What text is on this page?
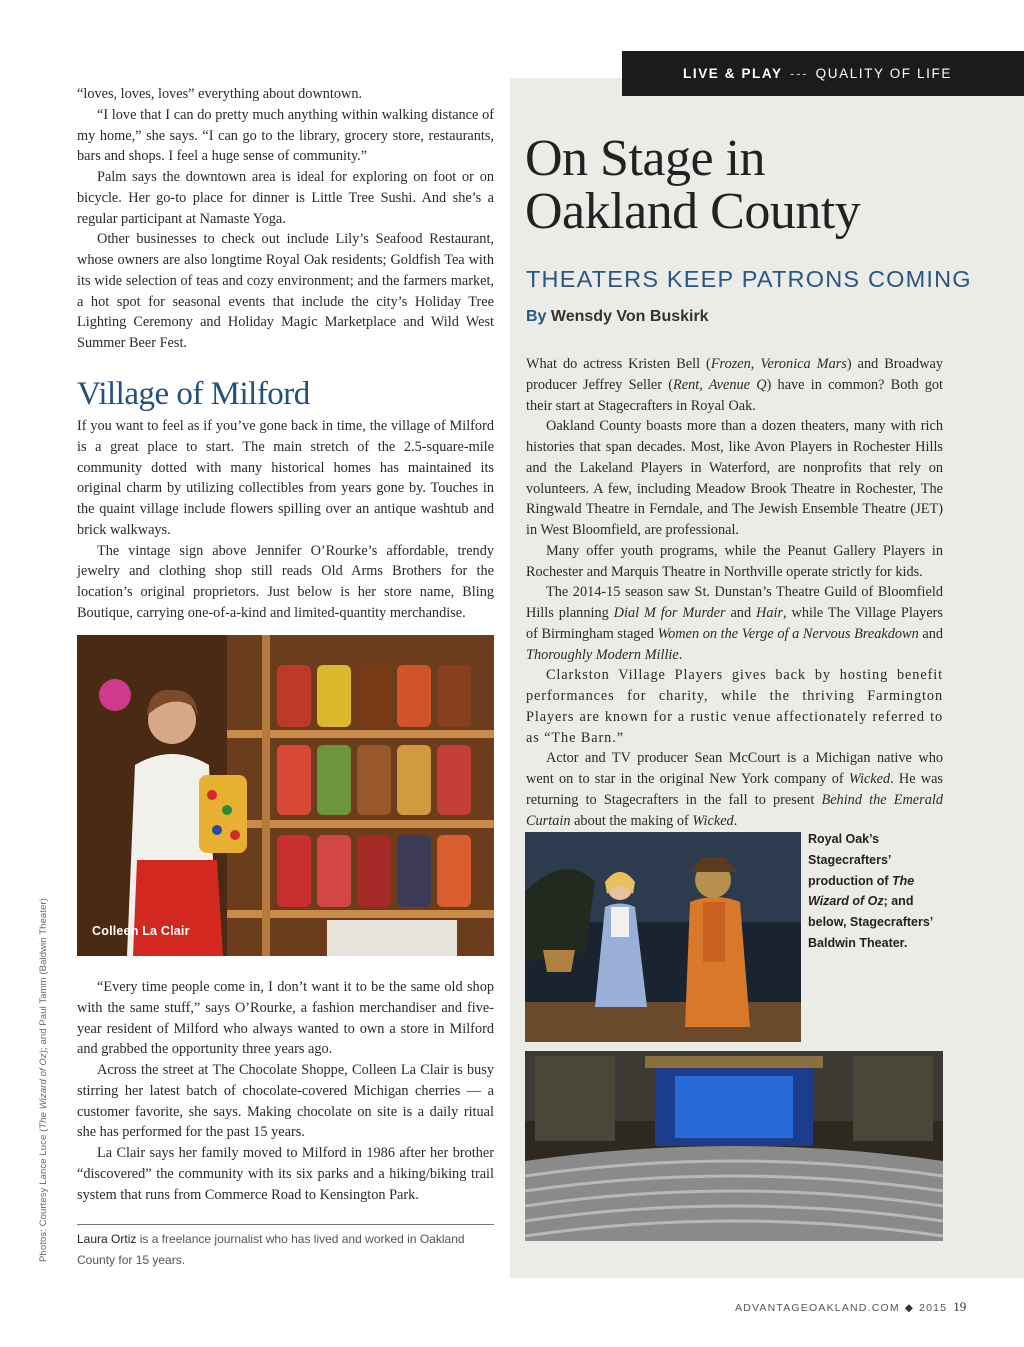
LIVE & PLAY --- QUALITY OF LIFE

“loves, loves, loves” everything about downtown.

“I love that I can do pretty much anything within walking distance of my home,” she says. “I can go to the library, grocery store, restaurants, bars and shops. I feel a huge sense of community.”

Palm says the downtown area is ideal for exploring on foot or on bicycle. Her go-to place for dinner is Little Tree Sushi. And she’s a regular participant at Namaste Yoga.

Other businesses to check out include Lily’s Seafood Restaurant, whose owners are also longtime Royal Oak residents; Goldfish Tea with its wide selection of teas and cozy environment; and the farmers market, a hot spot for seasonal events that include the city’s Holiday Tree Lighting Ceremony and Holiday Magic Marketplace and Wild West Summer Beer Fest.

Village of Milford

If you want to feel as if you’ve gone back in time, the village of Milford is a great place to start. The main stretch of the 2.5-square-mile community dotted with many historical homes has maintained its original charm by utilizing collectibles from years gone by. Touches in the quaint village include flowers spilling over an antique washtub and brick walkways.

The vintage sign above Jennifer O’Rourke’s affordable, trendy jewelry and clothing shop still reads Old Arms Brothers for the location’s original proprietors. Just below is her store name, Bling Boutique, carrying one-of-a-kind and limited-quantity merchandise.

Colleen La Clair

“Every time people come in, I don’t want it to be the same old shop with the same stuff,” says O’Rourke, a fashion merchandiser and five-year resident of Milford who always wanted to own a store in Milford and grabbed the opportunity three years ago.

Across the street at The Chocolate Shoppe, Colleen La Clair is busy stirring her latest batch of chocolate-covered Michigan cherries — a customer favorite, she says. Making chocolate on site is a daily ritual she has performed for the past 15 years.

La Clair says her family moved to Milford in 1986 after her brother “discovered” the community with its six parks and a hiking/biking trail system that runs from Commerce Road to Kensington Park.

Laura Ortiz is a freelance journalist who has lived and worked in Oakland County for 15 years.
Photos: Courtesy Lance Luce (The Wizard of Oz); and Paul Tamm (Baldwin Theater)
On Stage in
Oakland County
THEATERS KEEP PATRONS COMING
By Wensdy Von Buskirk

What do actress Kristen Bell (Frozen, Veronica Mars) and Broadway producer Jeffrey Seller (Rent, Avenue Q) have in common? Both got their start at Stagecrafters in Royal Oak.

Oakland County boasts more than a dozen theaters, many with rich histories that span decades. Most, like Avon Players in Rochester Hills and the Lakeland Players in Waterford, are nonprofits that rely on volunteers. A few, including Meadow Brook Theatre in Rochester, The Ringwald Theatre in Ferndale, and The Jewish Ensemble Theatre (JET) in West Bloomfield, are professional.

Many offer youth programs, while the Peanut Gallery Players in Rochester and Marquis Theatre in Northville operate strictly for kids.

The 2014-15 season saw St. Dunstan’s Theatre Guild of Bloomfield Hills planning Dial M for Murder and Hair, while The Village Players of Birmingham staged Women on the Verge of a Nervous Breakdown and Thoroughly Modern Millie.

Clarkston Village Players gives back by hosting benefit performances for charity, while the thriving Farmington Players are known for a rustic venue affectionately referred to as “The Barn.”

Actor and TV producer Sean McCourt is a Michigan native who went on to star in the original New York company of Wicked. He was returning to Stagecrafters in the fall to present Behind the Emerald Curtain about the making of Wicked.

Royal Oak’s Stagecrafters’ production of The Wizard of Oz; and below, Stagecrafters’ Baldwin Theater.
ADVANTAGEOAKLAND.COM ◆ 2015 19
